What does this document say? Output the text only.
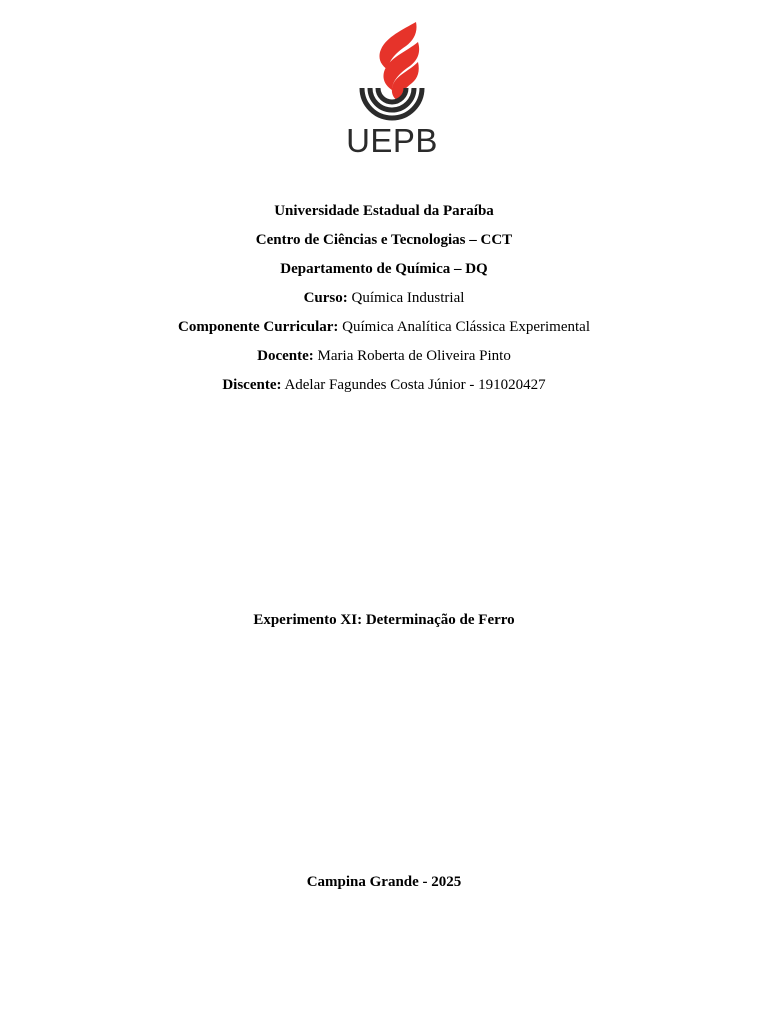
UEPB
Universidade Estadual da Paraíba
Centro de Ciências e Tecnologias – CCT
Departamento de Química – DQ
Curso: Química Industrial
Componente Curricular: Química Analítica Clássica Experimental
Docente: Maria Roberta de Oliveira Pinto
Discente: Adelar Fagundes Costa Júnior - 191020427
Experimento XI: Determinação de Ferro
Campina Grande - 2025
